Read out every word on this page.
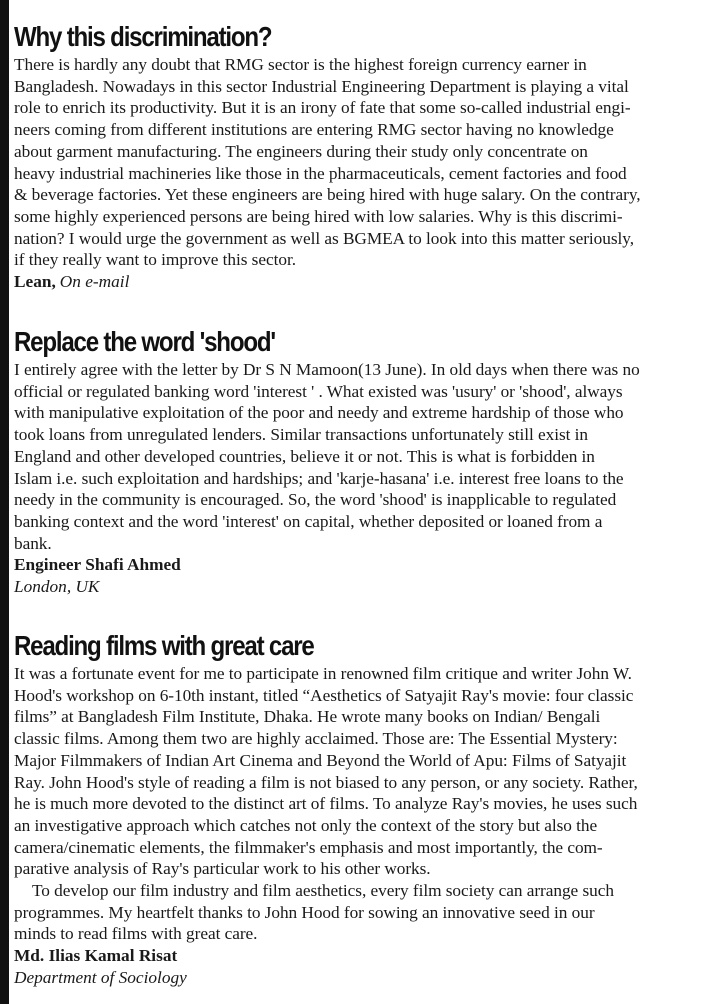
Why this discrimination?
There is hardly any doubt that RMG sector is the highest foreign currency earner in
Bangladesh. Nowadays in this sector Industrial Engineering Department is playing a vital
role to enrich its productivity. But it is an irony of fate that some so-called industrial engi-
neers coming from different institutions are entering RMG sector having no knowledge
about garment manufacturing. The engineers during their study only concentrate on
heavy industrial machineries like those in the pharmaceuticals, cement factories and food
& beverage factories. Yet these engineers are being hired with huge salary. On the contrary,
some highly experienced persons are being hired with low salaries. Why is this discrimi-
nation? I would urge the government as well as BGMEA to look into this matter seriously,
if they really want to improve this sector.

Lean, On e-mail

Replace the word 'shood'
I entirely agree with the letter by Dr S N Mamoon(13 June). In old days when there was no
official or regulated banking word 'interest ' . What existed was 'usury' or 'shood', always
with manipulative exploitation of the poor and needy and extreme hardship of those who
took loans from unregulated lenders. Similar transactions unfortunately still exist in
England and other developed countries, believe it or not. This is what is forbidden in
Islam i.e. such exploitation and hardships; and 'karje-hasana' i.e. interest free loans to the
needy in the community is encouraged. So, the word 'shood' is inapplicable to regulated
banking context and the word 'interest' on capital, whether deposited or loaned from a
bank.

Engineer Shafi Ahmed

London, UK

Reading films with great care
It was a fortunate event for me to participate in renowned film critique and writer John W.
Hood's workshop on 6-10th instant, titled “Aesthetics of Satyajit Ray's movie: four classic
films” at Bangladesh Film Institute, Dhaka. He wrote many books on Indian/ Bengali
classic films. Among them two are highly acclaimed. Those are: The Essential Mystery:
Major Filmmakers of Indian Art Cinema and Beyond the World of Apu: Films of Satyajit
Ray. John Hood's style of reading a film is not biased to any person, or any society. Rather,
he is much more devoted to the distinct art of films. To analyze Ray's movies, he uses such
an investigative approach which catches not only the context of the story but also the
camera/cinematic elements, the filmmaker's emphasis and most importantly, the com-
parative analysis of Ray's particular work to his other works.
To develop our film industry and film aesthetics, every film society can arrange such
programmes. My heartfelt thanks to John Hood for sowing an innovative seed in our
minds to read films with great care.

Md. Ilias Kamal Risat

Department of Sociology
